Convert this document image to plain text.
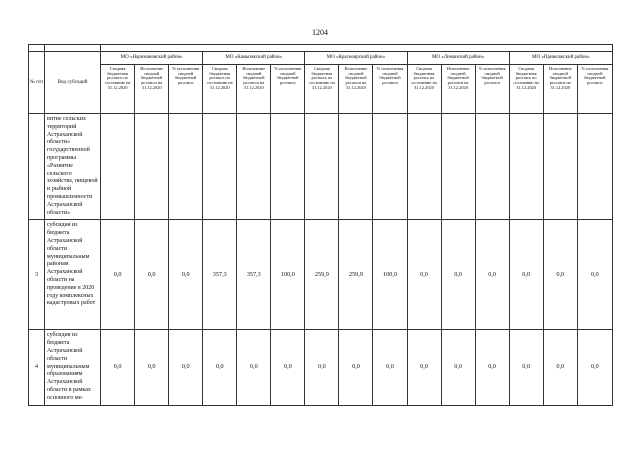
1204

№ п/п	Вид субсидий	МО «Наримановский район»			МО «Камызякский район»			МО «Красноярский район»			МО «Лиманский район»			МО «Приволжский район»		
		Сводная бюджетная роспись по состоянию на 31.12.2020	Исполнение сводной бюджетной росписи на 31.12.2020	% исполнения сводной бюджетной росписи	Сводная бюджетная роспись по состоянию на 31.12.2020	Исполнение сводной бюджетной росписи на 31.12.2020	% исполнения сводной бюджетной росписи	Сводная бюджетная роспись по состоянию на 31.12.2020	Исполнение сводной бюджетной росписи на 31.12.2020	% исполнения сводной бюджетной росписи	Сводная бюджетная роспись по состоянию на 31.12.2020	Исполнение сводной бюджетной росписи на 31.12.2020	% исполнения сводной бюджетной росписи	Сводная бюджетная роспись по состоянию на 31.12.2020	Исполнение сводной бюджетной росписи на 31.12.2020	% исполнения сводной бюджетной росписи
	витие сельских территорий Астраханской области» государственной программы «Развитие сельского хозяйства, пищевой и рыбной промышленности Астраханской области»															
3	субсидия из бюджета Астраханской области муниципальным районам Астраханской области на проведение в 2020 году комплексных кадастровых работ	0,0	0,0	0,0	357,3	357,3	100,0	259,9	259,9	100,0	0,0	0,0	0,0	0,0	0,0	0,0
4	субсидия из бюджета Астраханской области муниципальным образованиям Астраханской области в рамках основного ме-	0,0	0,0	0,0	0,0	0,0	0,0	0,0	0,0	0,0	0,0	0,0	0,0	0,0	0,0	0,0
